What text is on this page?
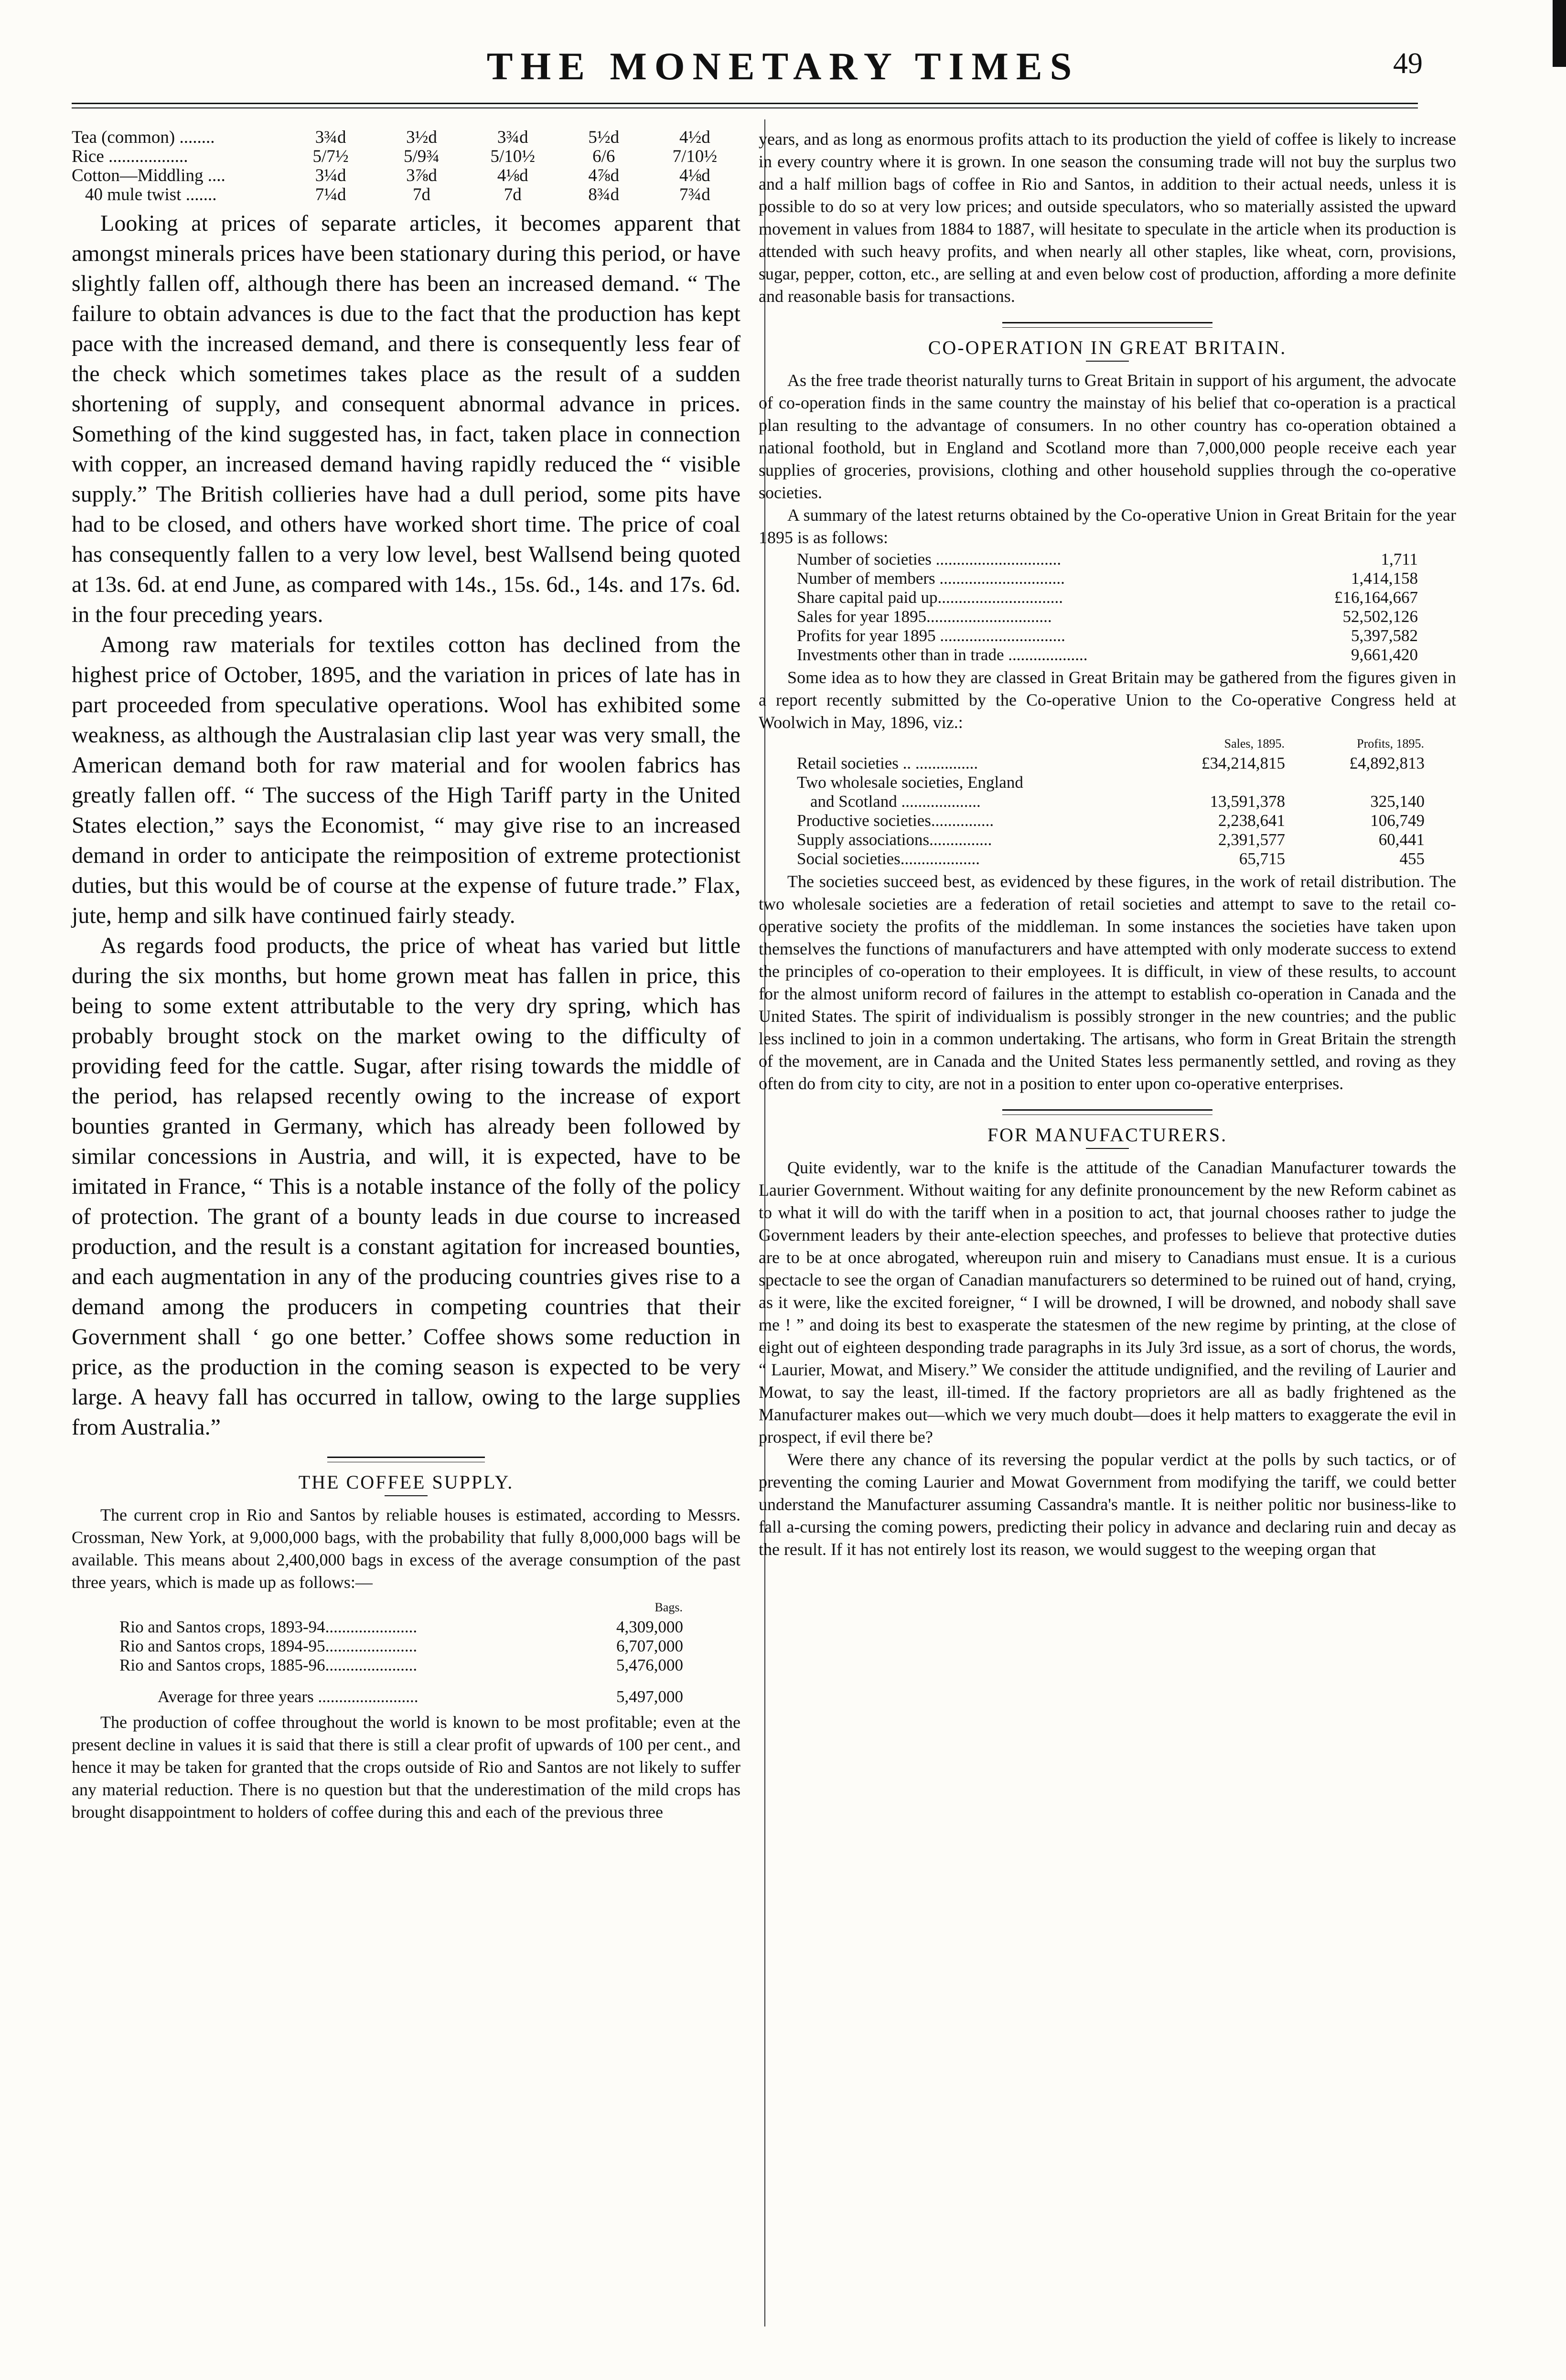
THE MONETARY TIMES	49
Tea (common) ........	3¾d	3½d	3¾d	5½d	4½d
Rice ..................	5/7½	5/9¾	5/10½	6/6	7/10½
Cotton—Middling ....	3¼d	3⅞d	4⅛d	4⅞d	4⅛d
40 mule twist .......	7¼d	7d	7d	8¾d	7¾d

Looking at prices of separate articles, it becomes apparent that amongst minerals prices have been stationary during this period, or have slightly fallen off, although there has been an increased demand. “ The failure to obtain advances is due to the fact that the production has kept pace with the increased demand, and there is consequently less fear of the check which sometimes takes place as the result of a sudden shortening of supply, and consequent abnormal advance in prices. Something of the kind suggested has, in fact, taken place in connection with copper, an increased demand having rapidly reduced the “ visible supply.” The British collieries have had a dull period, some pits have had to be closed, and others have worked short time. The price of coal has consequently fallen to a very low level, best Wallsend being quoted at 13s. 6d. at end June, as compared with 14s., 15s. 6d., 14s. and 17s. 6d. in the four preceding years.

Among raw materials for textiles cotton has declined from the highest price of October, 1895, and the variation in prices of late has in part proceeded from speculative operations. Wool has exhibited some weakness, as although the Australasian clip last year was very small, the American demand both for raw material and for woolen fabrics has greatly fallen off. “ The success of the High Tariff party in the United States election,” says the Economist, “ may give rise to an increased demand in order to anticipate the reimposition of extreme protectionist duties, but this would be of course at the expense of future trade.” Flax, jute, hemp and silk have continued fairly steady.

As regards food products, the price of wheat has varied but little during the six months, but home grown meat has fallen in price, this being to some extent attributable to the very dry spring, which has probably brought stock on the market owing to the difficulty of providing feed for the cattle. Sugar, after rising towards the middle of the period, has relapsed recently owing to the increase of export bounties granted in Germany, which has already been followed by similar concessions in Austria, and will, it is expected, have to be imitated in France, “ This is a notable instance of the folly of the policy of protection. The grant of a bounty leads in due course to increased production, and the result is a constant agitation for increased bounties, and each augmentation in any of the producing countries gives rise to a demand among the producers in competing countries that their Government shall ‘ go one better.’ Coffee shows some reduction in price, as the production in the coming season is expected to be very large. A heavy fall has occurred in tallow, owing to the large supplies from Australia.”

THE COFFEE SUPPLY.

The current crop in Rio and Santos by reliable houses is estimated, according to Messrs. Crossman, New York, at 9,000,000 bags, with the probability that fully 8,000,000 bags will be available. This means about 2,400,000 bags in excess of the average consumption of the past three years, which is made up as follows:—

	Bags.
Rio and Santos crops, 1893-94......................	4,309,000
Rio and Santos crops, 1894-95......................	6,707,000
Rio and Santos crops, 1885-96......................	5,476,000
Average for three years ........................	5,497,000

The production of coffee throughout the world is known to be most profitable; even at the present decline in values it is said that there is still a clear profit of upwards of 100 per cent., and hence it may be taken for granted that the crops outside of Rio and Santos are not likely to suffer any material reduction. There is no question but that the underestimation of the mild crops has brought disappointment to holders of coffee during this and each of the previous three

years, and as long as enormous profits attach to its production the yield of coffee is likely to increase in every country where it is grown. In one season the consuming trade will not buy the surplus two and a half million bags of coffee in Rio and Santos, in addition to their actual needs, unless it is possible to do so at very low prices; and outside speculators, who so materially assisted the upward movement in values from 1884 to 1887, will hesitate to speculate in the article when its production is attended with such heavy profits, and when nearly all other staples, like wheat, corn, provisions, sugar, pepper, cotton, etc., are selling at and even below cost of production, affording a more definite and reasonable basis for transactions.

CO-OPERATION IN GREAT BRITAIN.

As the free trade theorist naturally turns to Great Britain in support of his argument, the advocate of co-operation finds in the same country the mainstay of his belief that co-operation is a practical plan resulting to the advantage of consumers. In no other country has co-operation obtained a national foothold, but in England and Scotland more than 7,000,000 people receive each year supplies of groceries, provisions, clothing and other household supplies through the co-operative societies.

A summary of the latest returns obtained by the Co-operative Union in Great Britain for the year 1895 is as follows:

Number of societies ..............................	1,711
Number of members ..............................	1,414,158
Share capital paid up..............................	£16,164,667
Sales for year 1895..............................	52,502,126
Profits for year 1895 ..............................	5,397,582
Investments other than in trade ...................	9,661,420

Some idea as to how they are classed in Great Britain may be gathered from the figures given in a report recently submitted by the Co-operative Union to the Co-operative Congress held at Woolwich in May, 1896, viz.:

	Sales, 1895.	Profits, 1895.
Retail societies .. ...............	£34,214,815	£4,892,813
Two wholesale societies, England		
and Scotland ...................	13,591,378	325,140
Productive societies...............	2,238,641	106,749
Supply associations...............	2,391,577	60,441
Social societies...................	65,715	455

The societies succeed best, as evidenced by these figures, in the work of retail distribution. The two wholesale societies are a federation of retail societies and attempt to save to the retail co-operative society the profits of the middleman. In some instances the societies have taken upon themselves the functions of manufacturers and have attempted with only moderate success to extend the principles of co-operation to their employees. It is difficult, in view of these results, to account for the almost uniform record of failures in the attempt to establish co-operation in Canada and the United States. The spirit of individualism is possibly stronger in the new countries; and the public less inclined to join in a common undertaking. The artisans, who form in Great Britain the strength of the movement, are in Canada and the United States less permanently settled, and roving as they often do from city to city, are not in a position to enter upon co-operative enterprises.

FOR MANUFACTURERS.

Quite evidently, war to the knife is the attitude of the Canadian Manufacturer towards the Laurier Government. Without waiting for any definite pronouncement by the new Reform cabinet as to what it will do with the tariff when in a position to act, that journal chooses rather to judge the Government leaders by their ante-election speeches, and professes to believe that protective duties are to be at once abrogated, whereupon ruin and misery to Canadians must ensue. It is a curious spectacle to see the organ of Canadian manufacturers so determined to be ruined out of hand, crying, as it were, like the excited foreigner, “ I will be drowned, I will be drowned, and nobody shall save me ! ” and doing its best to exasperate the statesmen of the new regime by printing, at the close of eight out of eighteen desponding trade paragraphs in its July 3rd issue, as a sort of chorus, the words, “ Laurier, Mowat, and Misery.” We consider the attitude undignified, and the reviling of Laurier and Mowat, to say the least, ill-timed. If the factory proprietors are all as badly frightened as the Manufacturer makes out—which we very much doubt—does it help matters to exaggerate the evil in prospect, if evil there be?

Were there any chance of its reversing the popular verdict at the polls by such tactics, or of preventing the coming Laurier and Mowat Government from modifying the tariff, we could better understand the Manufacturer assuming Cassandra's mantle. It is neither politic nor business-like to fall a-cursing the coming powers, predicting their policy in advance and declaring ruin and decay as the result. If it has not entirely lost its reason, we would suggest to the weeping organ that
